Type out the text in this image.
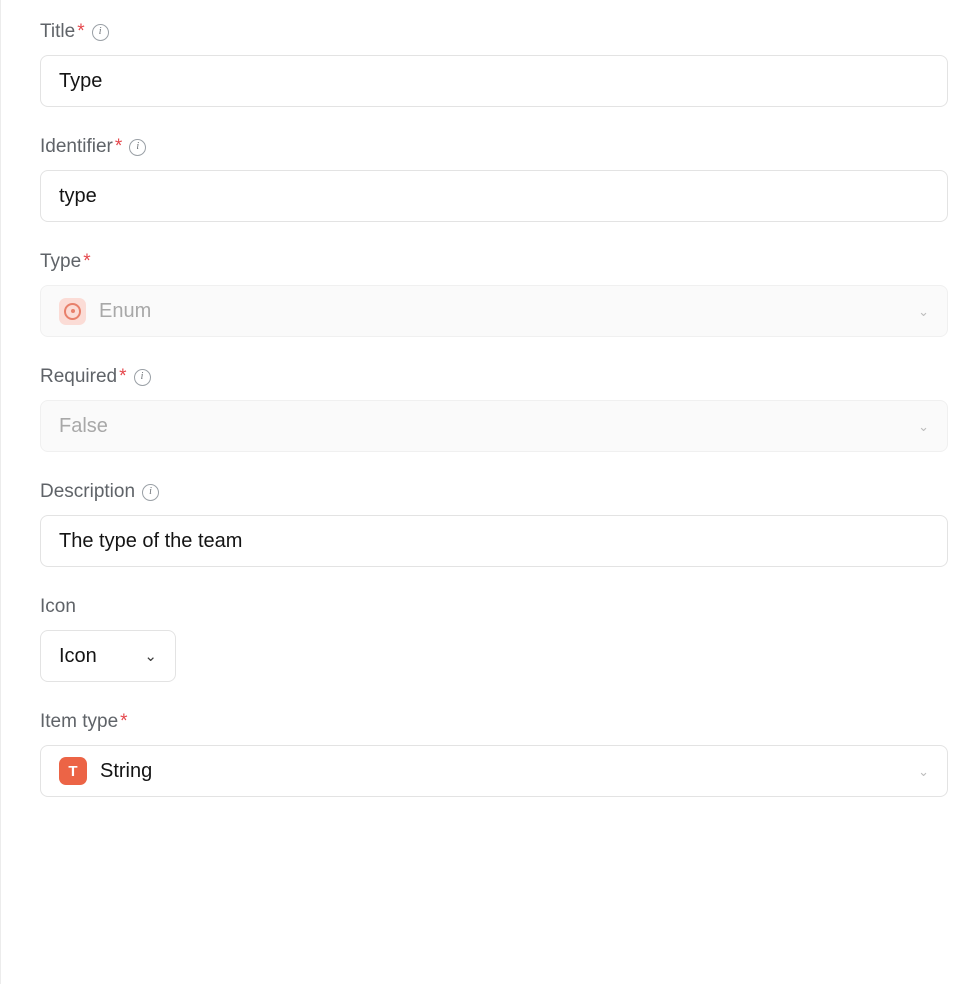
Title *	i
Type
Identifier *	i
type
Type *
Enum	⌄
Required *	i
False	⌄
Description	i
The type of the team
Icon
Icon	⌄
Item type *
T	String	⌄
